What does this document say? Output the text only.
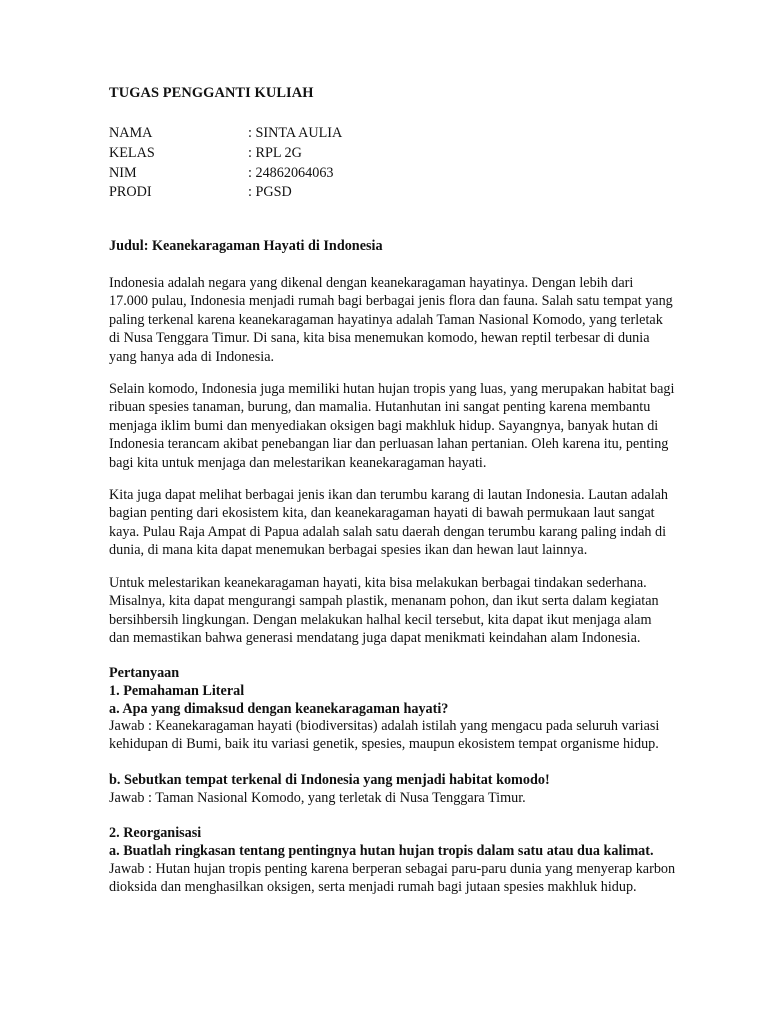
TUGAS PENGGANTI KULIAH
NAMA	: SINTA AULIA
KELAS	: RPL 2G
NIM	: 24862064063
PRODI	: PGSD
Judul: Keanekaragaman Hayati di Indonesia
Indonesia adalah negara yang dikenal dengan keanekaragaman hayatinya. Dengan lebih dari
17.000 pulau, Indonesia menjadi rumah bagi berbagai jenis flora dan fauna. Salah satu tempat yang
paling terkenal karena keanekaragaman hayatinya adalah Taman Nasional Komodo, yang terletak
di Nusa Tenggara Timur. Di sana, kita bisa menemukan komodo, hewan reptil terbesar di dunia
yang hanya ada di Indonesia.
Selain komodo, Indonesia juga memiliki hutan hujan tropis yang luas, yang merupakan habitat bagi
ribuan spesies tanaman, burung, dan mamalia. Hutanhutan ini sangat penting karena membantu
menjaga iklim bumi dan menyediakan oksigen bagi makhluk hidup. Sayangnya, banyak hutan di
Indonesia terancam akibat penebangan liar dan perluasan lahan pertanian. Oleh karena itu, penting
bagi kita untuk menjaga dan melestarikan keanekaragaman hayati.
Kita juga dapat melihat berbagai jenis ikan dan terumbu karang di lautan Indonesia. Lautan adalah
bagian penting dari ekosistem kita, dan keanekaragaman hayati di bawah permukaan laut sangat
kaya. Pulau Raja Ampat di Papua adalah salah satu daerah dengan terumbu karang paling indah di
dunia, di mana kita dapat menemukan berbagai spesies ikan dan hewan laut lainnya.
Untuk melestarikan keanekaragaman hayati, kita bisa melakukan berbagai tindakan sederhana.
Misalnya, kita dapat mengurangi sampah plastik, menanam pohon, dan ikut serta dalam kegiatan
bersihbersih lingkungan. Dengan melakukan halhal kecil tersebut, kita dapat ikut menjaga alam
dan memastikan bahwa generasi mendatang juga dapat menikmati keindahan alam Indonesia.
Pertanyaan
1. Pemahaman Literal
a. Apa yang dimaksud dengan keanekaragaman hayati?
Jawab : Keanekaragaman hayati (biodiversitas) adalah istilah yang mengacu pada seluruh variasi kehidupan di Bumi, baik itu variasi genetik, spesies, maupun ekosistem tempat organisme hidup.
b. Sebutkan tempat terkenal di Indonesia yang menjadi habitat komodo!
Jawab : Taman Nasional Komodo, yang terletak di Nusa Tenggara Timur.
2. Reorganisasi
a. Buatlah ringkasan tentang pentingnya hutan hujan tropis dalam satu atau dua kalimat.
Jawab : Hutan hujan tropis penting karena berperan sebagai paru-paru dunia yang menyerap karbon
dioksida dan menghasilkan oksigen, serta menjadi rumah bagi jutaan spesies makhluk hidup.
